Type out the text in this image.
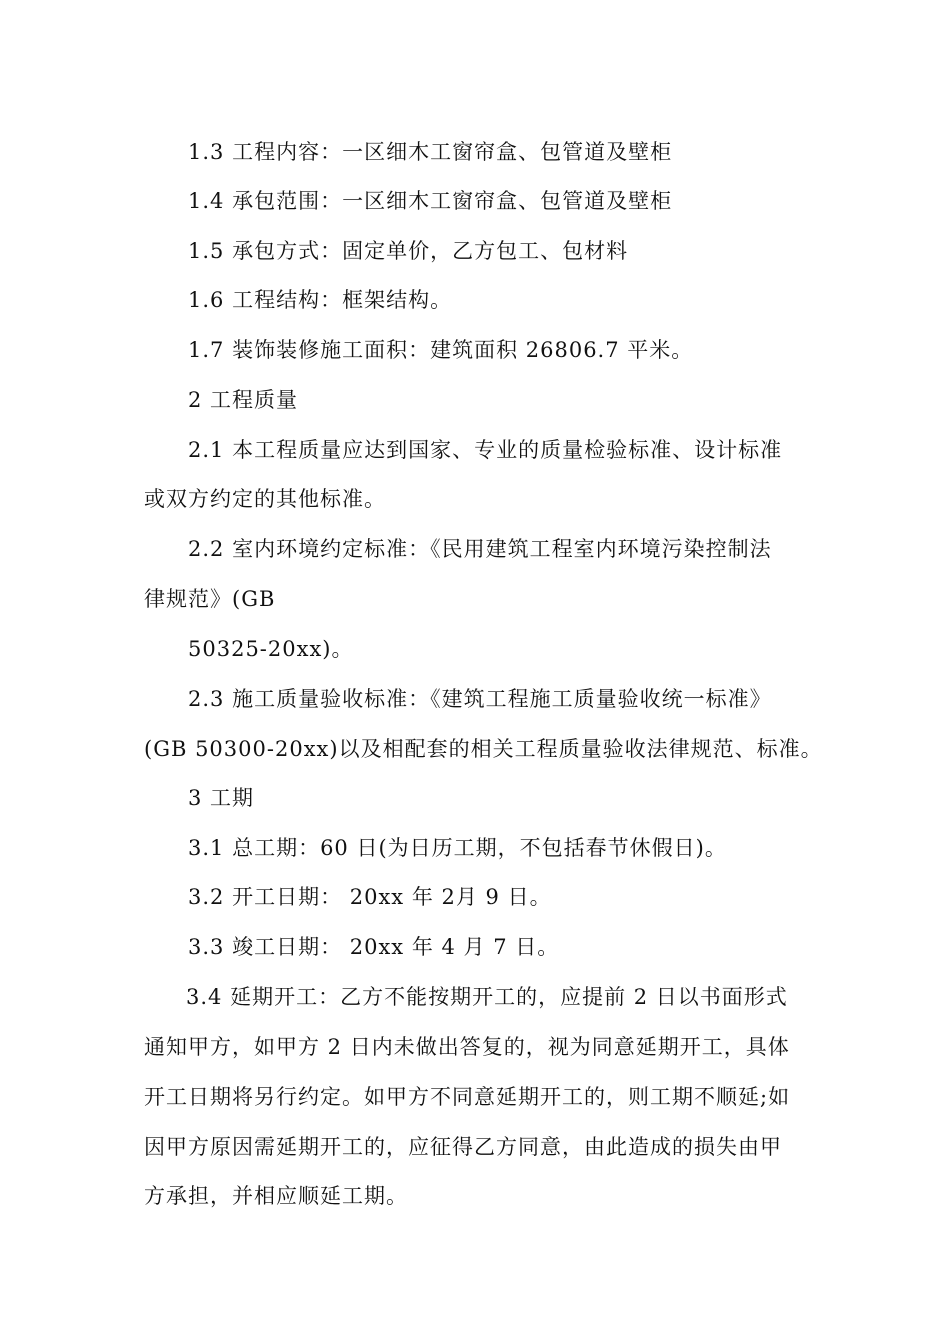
1.3 工程内容：一区细木工窗帘盒、包管道及壁柜
1.4 承包范围：一区细木工窗帘盒、包管道及壁柜
1.5 承包方式：固定单价，乙方包工、包材料
1.6 工程结构：框架结构。
1.7 装饰装修施工面积：建筑面积 26806.7 平米。
2 工程质量
2.1 本工程质量应达到国家、专业的质量检验标准、设计标准
或双方约定的其他标准。
2.2 室内环境约定标准：《民用建筑工程室内环境污染控制法
律规范》(GB
50325-20xx)。
2.3 施工质量验收标准：《建筑工程施工质量验收统一标准》
(GB 50300-20xx)以及相配套的相关工程质量验收法律规范、标准。
3 工期
3.1 总工期：60 日(为日历工期，不包括春节休假日)。
3.2 开工日期： 20xx 年 2月 9 日。
3.3 竣工日期： 20xx 年 4 月 7 日。
3.4 延期开工：乙方不能按期开工的，应提前 2 日以书面形式
通知甲方，如甲方 2 日内未做出答复的，视为同意延期开工，具体
开工日期将另行约定。如甲方不同意延期开工的，则工期不顺延;如
因甲方原因需延期开工的，应征得乙方同意，由此造成的损失由甲
方承担，并相应顺延工期。
